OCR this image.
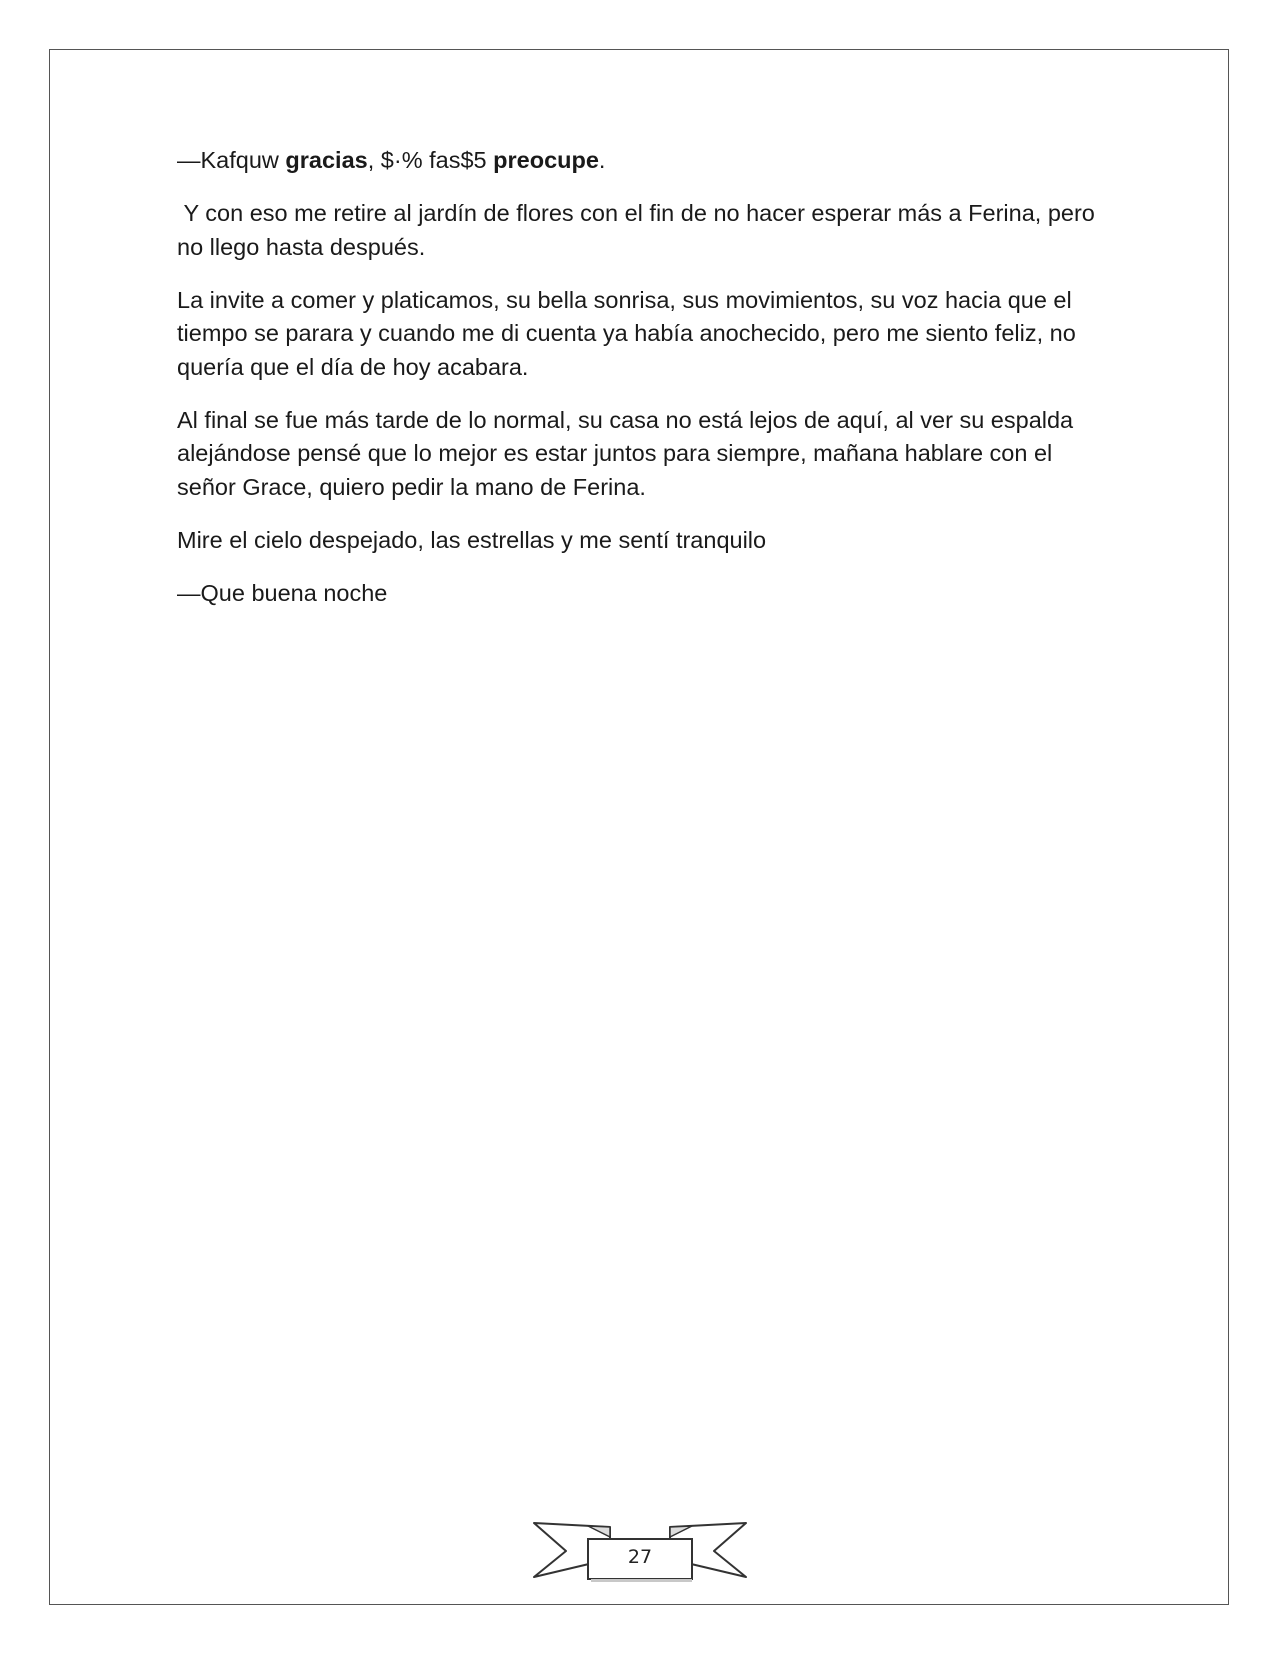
—Kafquw gracias, $·% fas$5 preocupe.

Y con eso me retire al jardín de flores con el fin de no hacer esperar más a Ferina, pero no llego hasta después.

La invite a comer y platicamos, su bella sonrisa, sus movimientos, su voz hacia que el tiempo se parara y cuando me di cuenta ya había anochecido, pero me siento feliz, no quería que el día de hoy acabara.

Al final se fue más tarde de lo normal, su casa no está lejos de aquí, al ver su espalda alejándose pensé que lo mejor es estar juntos para siempre, mañana hablare con el señor Grace, quiero pedir la mano de Ferina.

Mire el cielo despejado, las estrellas y me sentí tranquilo

—Que buena noche

27
